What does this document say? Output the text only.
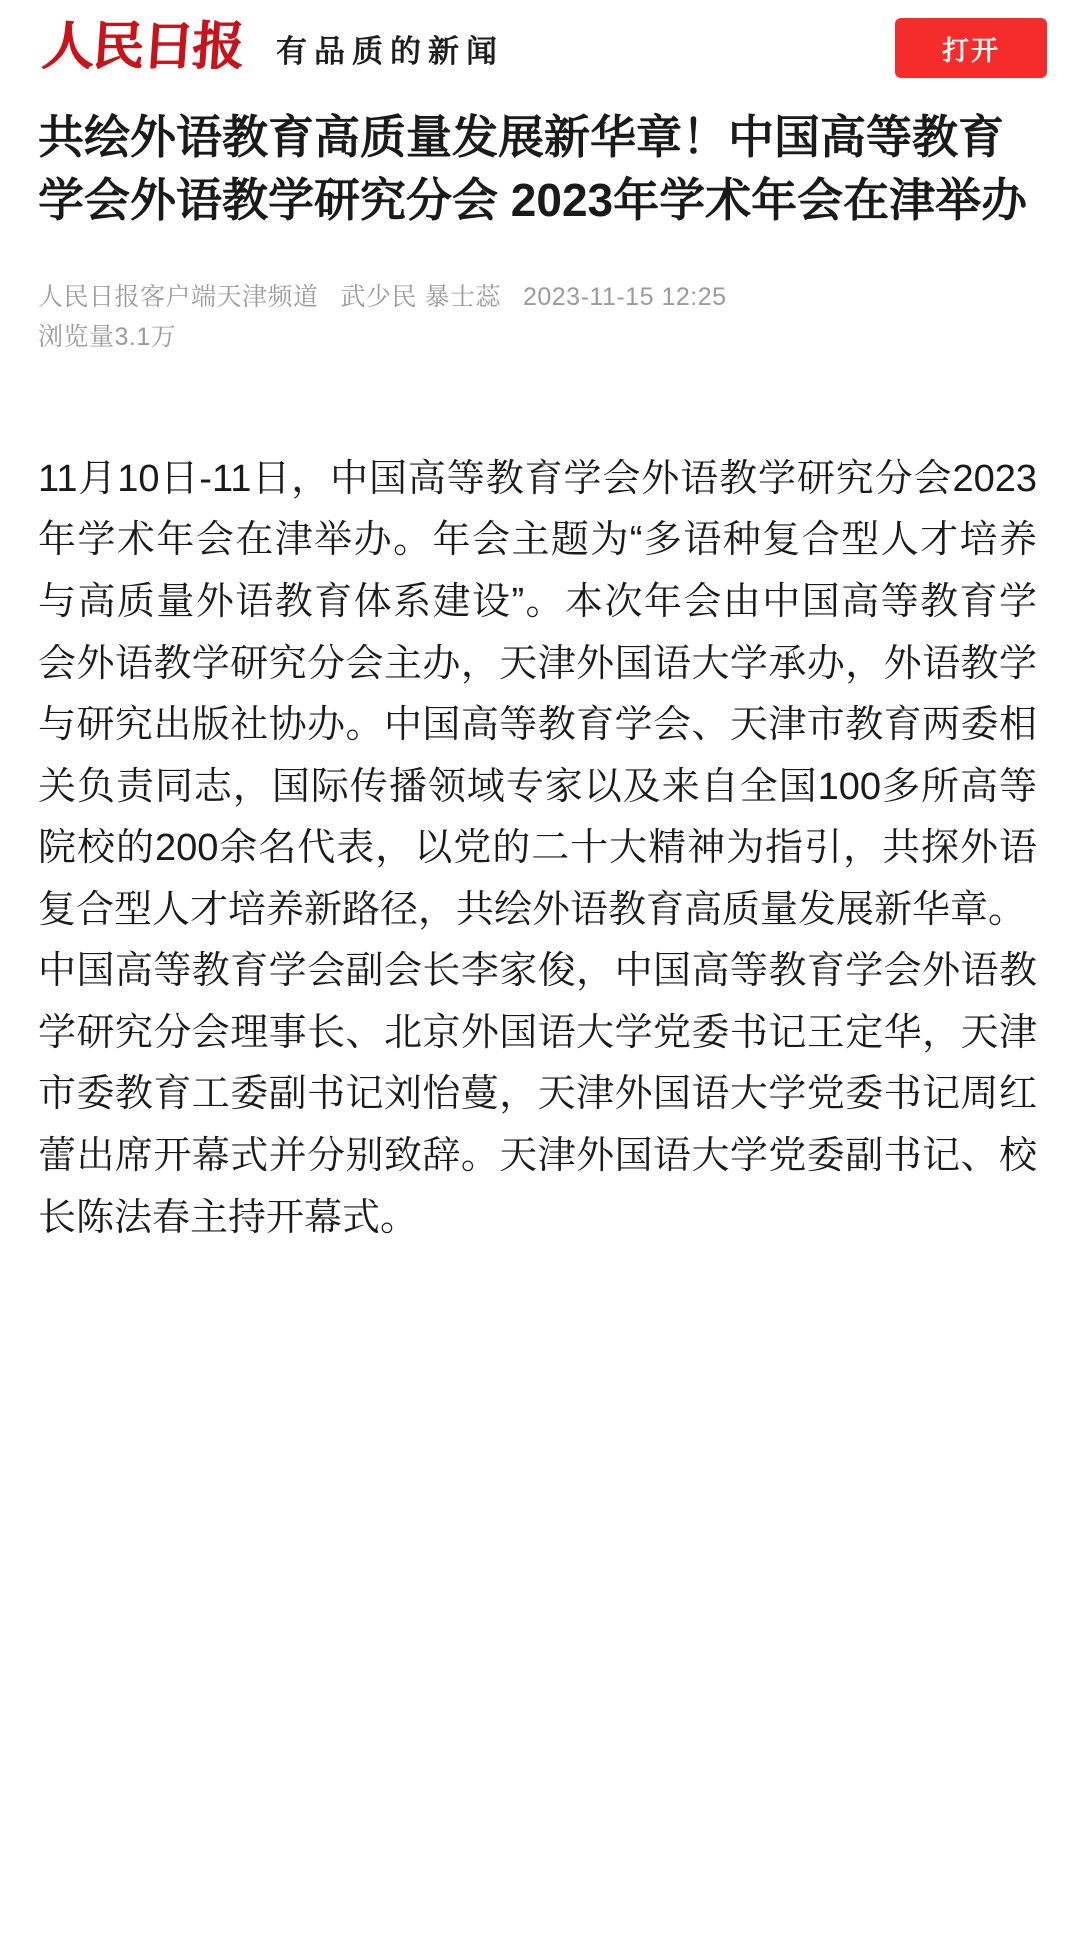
人民日报 有品质的新闻	打开
共绘外语教育高质量发展新华章！中国高等教育学会外语教学研究分会 2023年学术年会在津举办
人民日报客户端天津频道 武少民 暴士蕊 2023-11-15 12:25
浏览量3.1万

11月10日-11日，中国高等教育学会外语教学研究分会2023年学术年会在津举办。年会主题为“多语种复合型人才培养与高质量外语教育体系建设”。本次年会由中国高等教育学会外语教学研究分会主办，天津外国语大学承办，外语教学与研究出版社协办。中国高等教育学会、天津市教育两委相关负责同志，国际传播领域专家以及来自全国100多所高等院校的200余名代表，以党的二十大精神为指引，共探外语复合型人才培养新路径，共绘外语教育高质量发展新华章。

中国高等教育学会副会长李家俊，中国高等教育学会外语教学研究分会理事长、北京外国语大学党委书记王定华，天津市委教育工委副书记刘怡蔓，天津外国语大学党委书记周红蕾出席开幕式并分别致辞。天津外国语大学党委副书记、校长陈法春主持开幕式。
